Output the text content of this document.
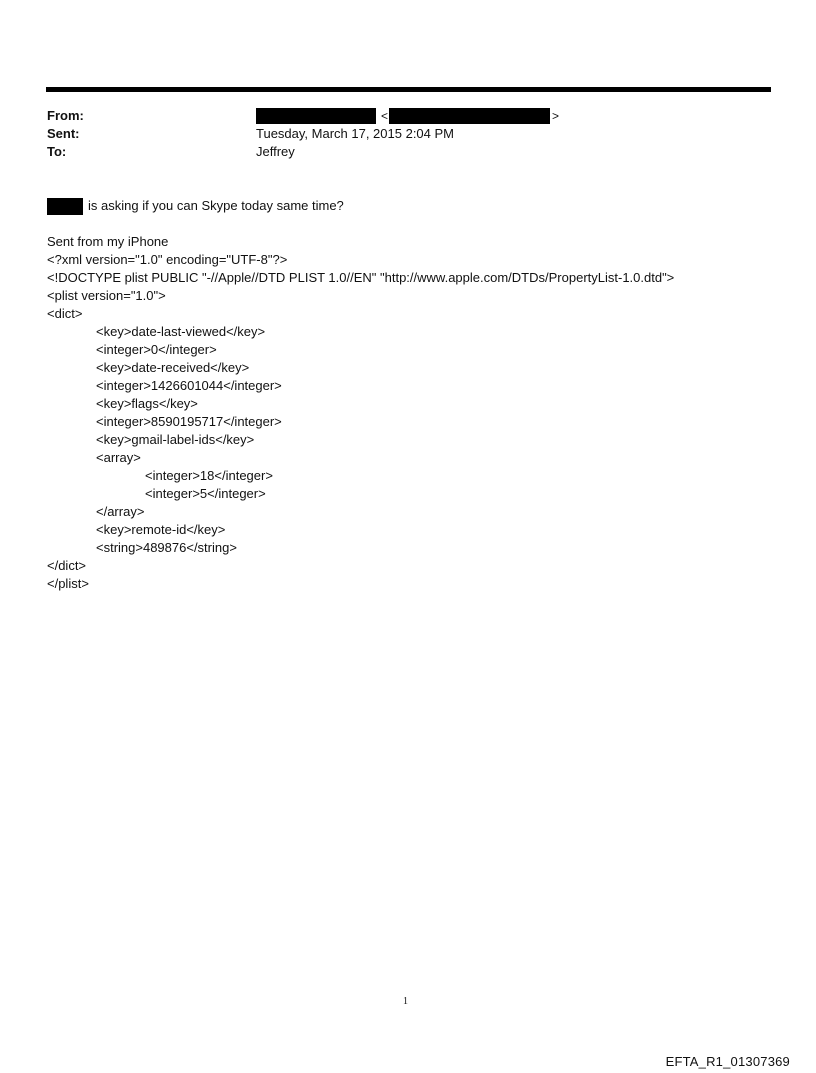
From:
Sent:
To:
<	>
Tuesday, March 17, 2015 2:04 PM
Jeffrey
is asking if you can Skype today same time?
Sent from my iPhone
<?xml version="1.0" encoding="UTF-8"?>
<!DOCTYPE plist PUBLIC "-//Apple//DTD PLIST 1.0//EN" "http://www.apple.com/DTDs/PropertyList-1.0.dtd">
<plist version="1.0">
<dict>
<key>date-last-viewed</key>
<integer>0</integer>
<key>date-received</key>
<integer>1426601044</integer>
<key>flags</key>
<integer>8590195717</integer>
<key>gmail-label-ids</key>
<array>
<integer>18</integer>
<integer>5</integer>
</array>
<key>remote-id</key>
<string>489876</string>
</dict>
</plist>
1
EFTA_R1_01307369
